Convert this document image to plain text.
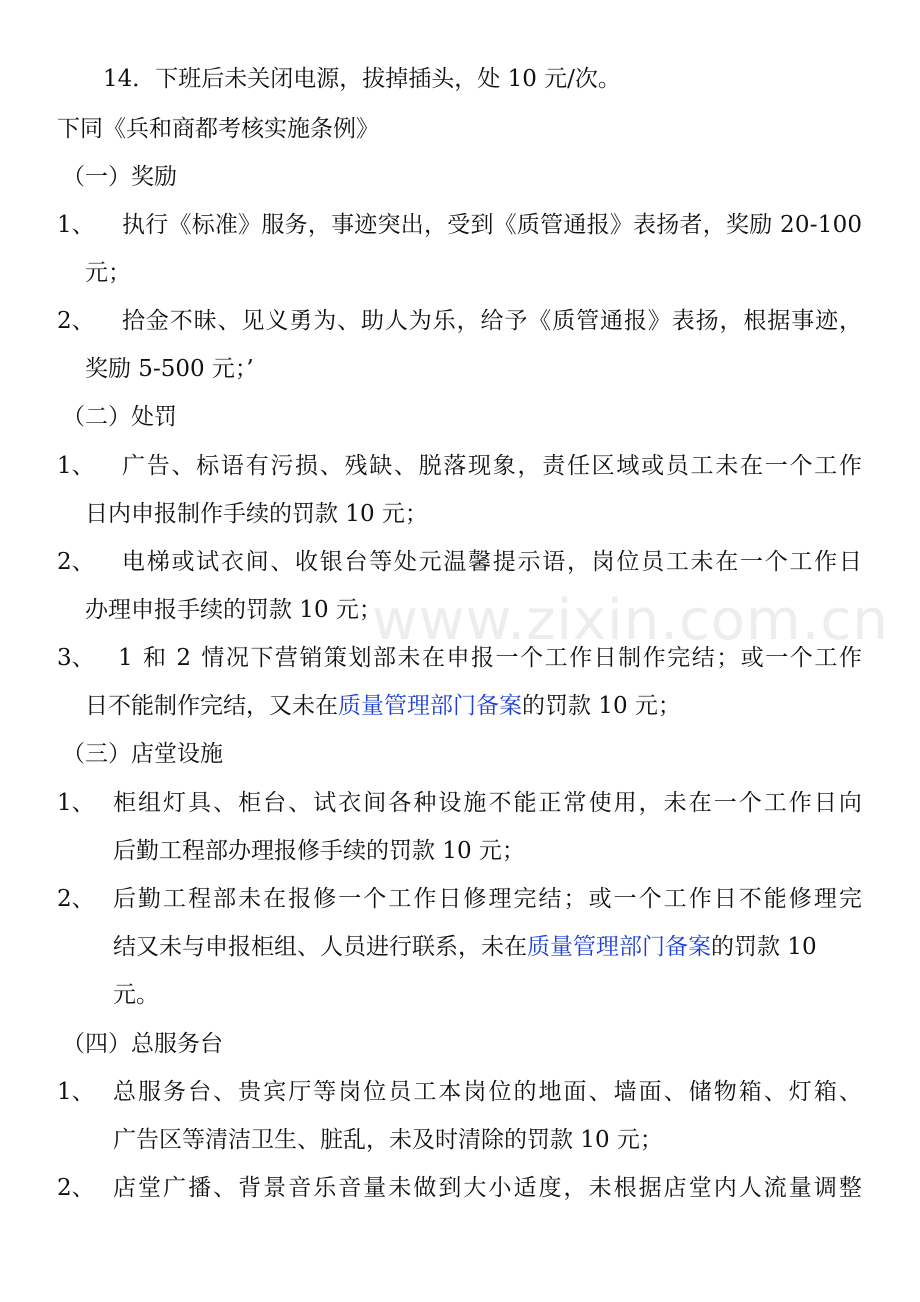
14．下班后未关闭电源，拔掉插头，处 10 元/次。
下同《兵和商都考核实施条例》
（一）奖励
1、 执行《标准》服务，事迹突出，受到《质管通报》表扬者，奖励 20-100
元；
2、 拾金不昧、见义勇为、助人为乐，给予《质管通报》表扬，根据事迹，
奖励 5-500 元；’
（二）处罚
1、 广告、标语有污损、残缺、脱落现象，责任区域或员工未在一个工作
日内申报制作手续的罚款 10 元；
2、 电梯或试衣间、收银台等处元温馨提示语，岗位员工未在一个工作日
办理申报手续的罚款 10 元；
3、 1 和 2 情况下营销策划部未在申报一个工作日制作完结；或一个工作
日不能制作完结，又未在质量管理部门备案的罚款 10 元；
（三）店堂设施
1、 柜组灯具、柜台、试衣间各种设施不能正常使用，未在一个工作日向
后勤工程部办理报修手续的罚款 10 元；
2、 后勤工程部未在报修一个工作日修理完结；或一个工作日不能修理完
结又未与申报柜组、人员进行联系，未在质量管理部门备案的罚款 10
元。
（四）总服务台
1、 总服务台、贵宾厅等岗位员工本岗位的地面、墙面、储物箱、灯箱、
广告区等清洁卫生、脏乱，未及时清除的罚款 10 元；
2、 店堂广播、背景音乐音量未做到大小适度，未根据店堂内人流量调整
www.zixin.com.cn
